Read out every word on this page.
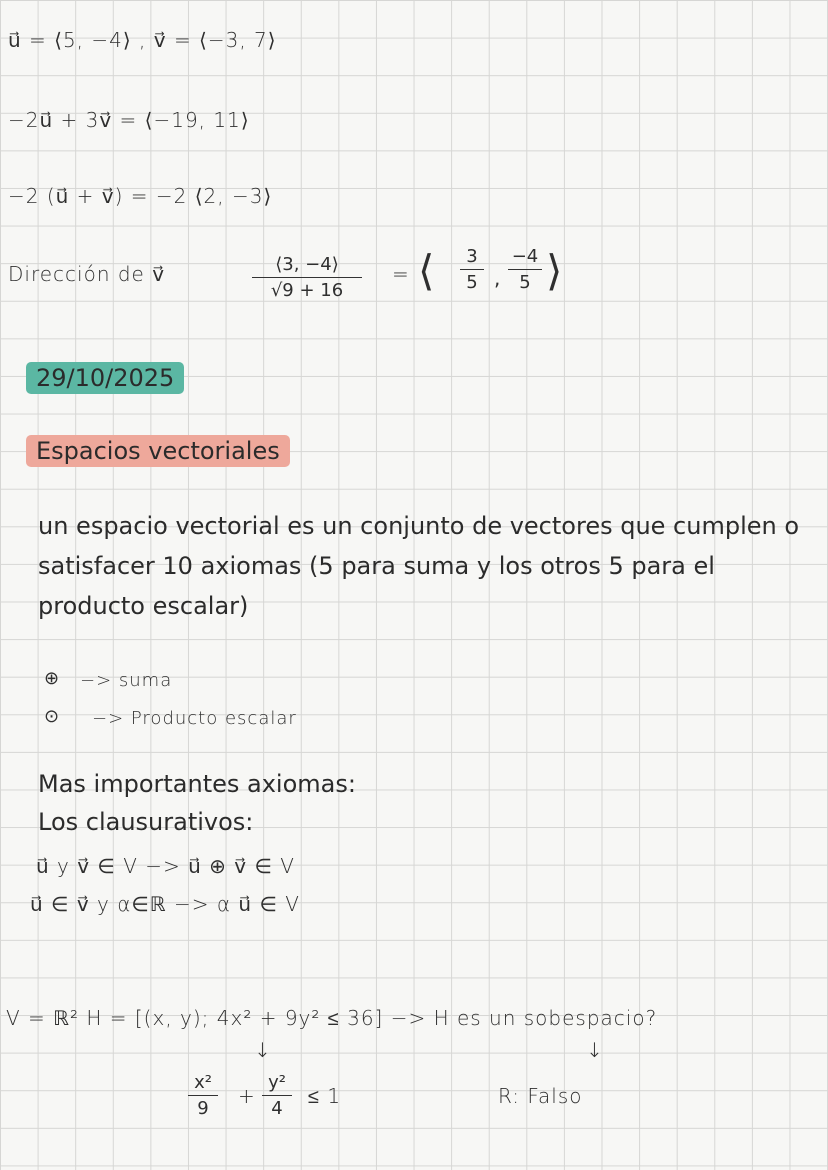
u⃗ = ⟨5, −4⟩ , v⃗ = ⟨−3, 7⟩
−2u⃗ + 3v⃗ = ⟨−19, 11⟩
−2 (u⃗ + v⃗) = −2 ⟨2, −3⟩
Dirección de v⃗	⟨3, −4⟩
√9 + 16
= ⟨ 3
5 ,
−4
5 ⟩
29/10/2025
Espacios vectoriales
un espacio vectorial es un conjunto de vectores que cumplen o satisfacer 10 axiomas (5 para suma y los otros 5 para el producto escalar)
⊕ −> suma
⊙ −> Producto escalar
Mas importantes axiomas:
Los clausurativos:
u⃗ y v⃗ ∈ V −> u⃗ ⊕ v⃗ ∈ V
u⃗ ∈ v⃗ y α∈ℝ −> α u⃗ ∈ V
V = ℝ² H = [(x, y); 4x² + 9y² ≤ 36] −> H es un sobespacio?
↓	↓
x²
9
+
y²
4
≤ 1	R: Falso
